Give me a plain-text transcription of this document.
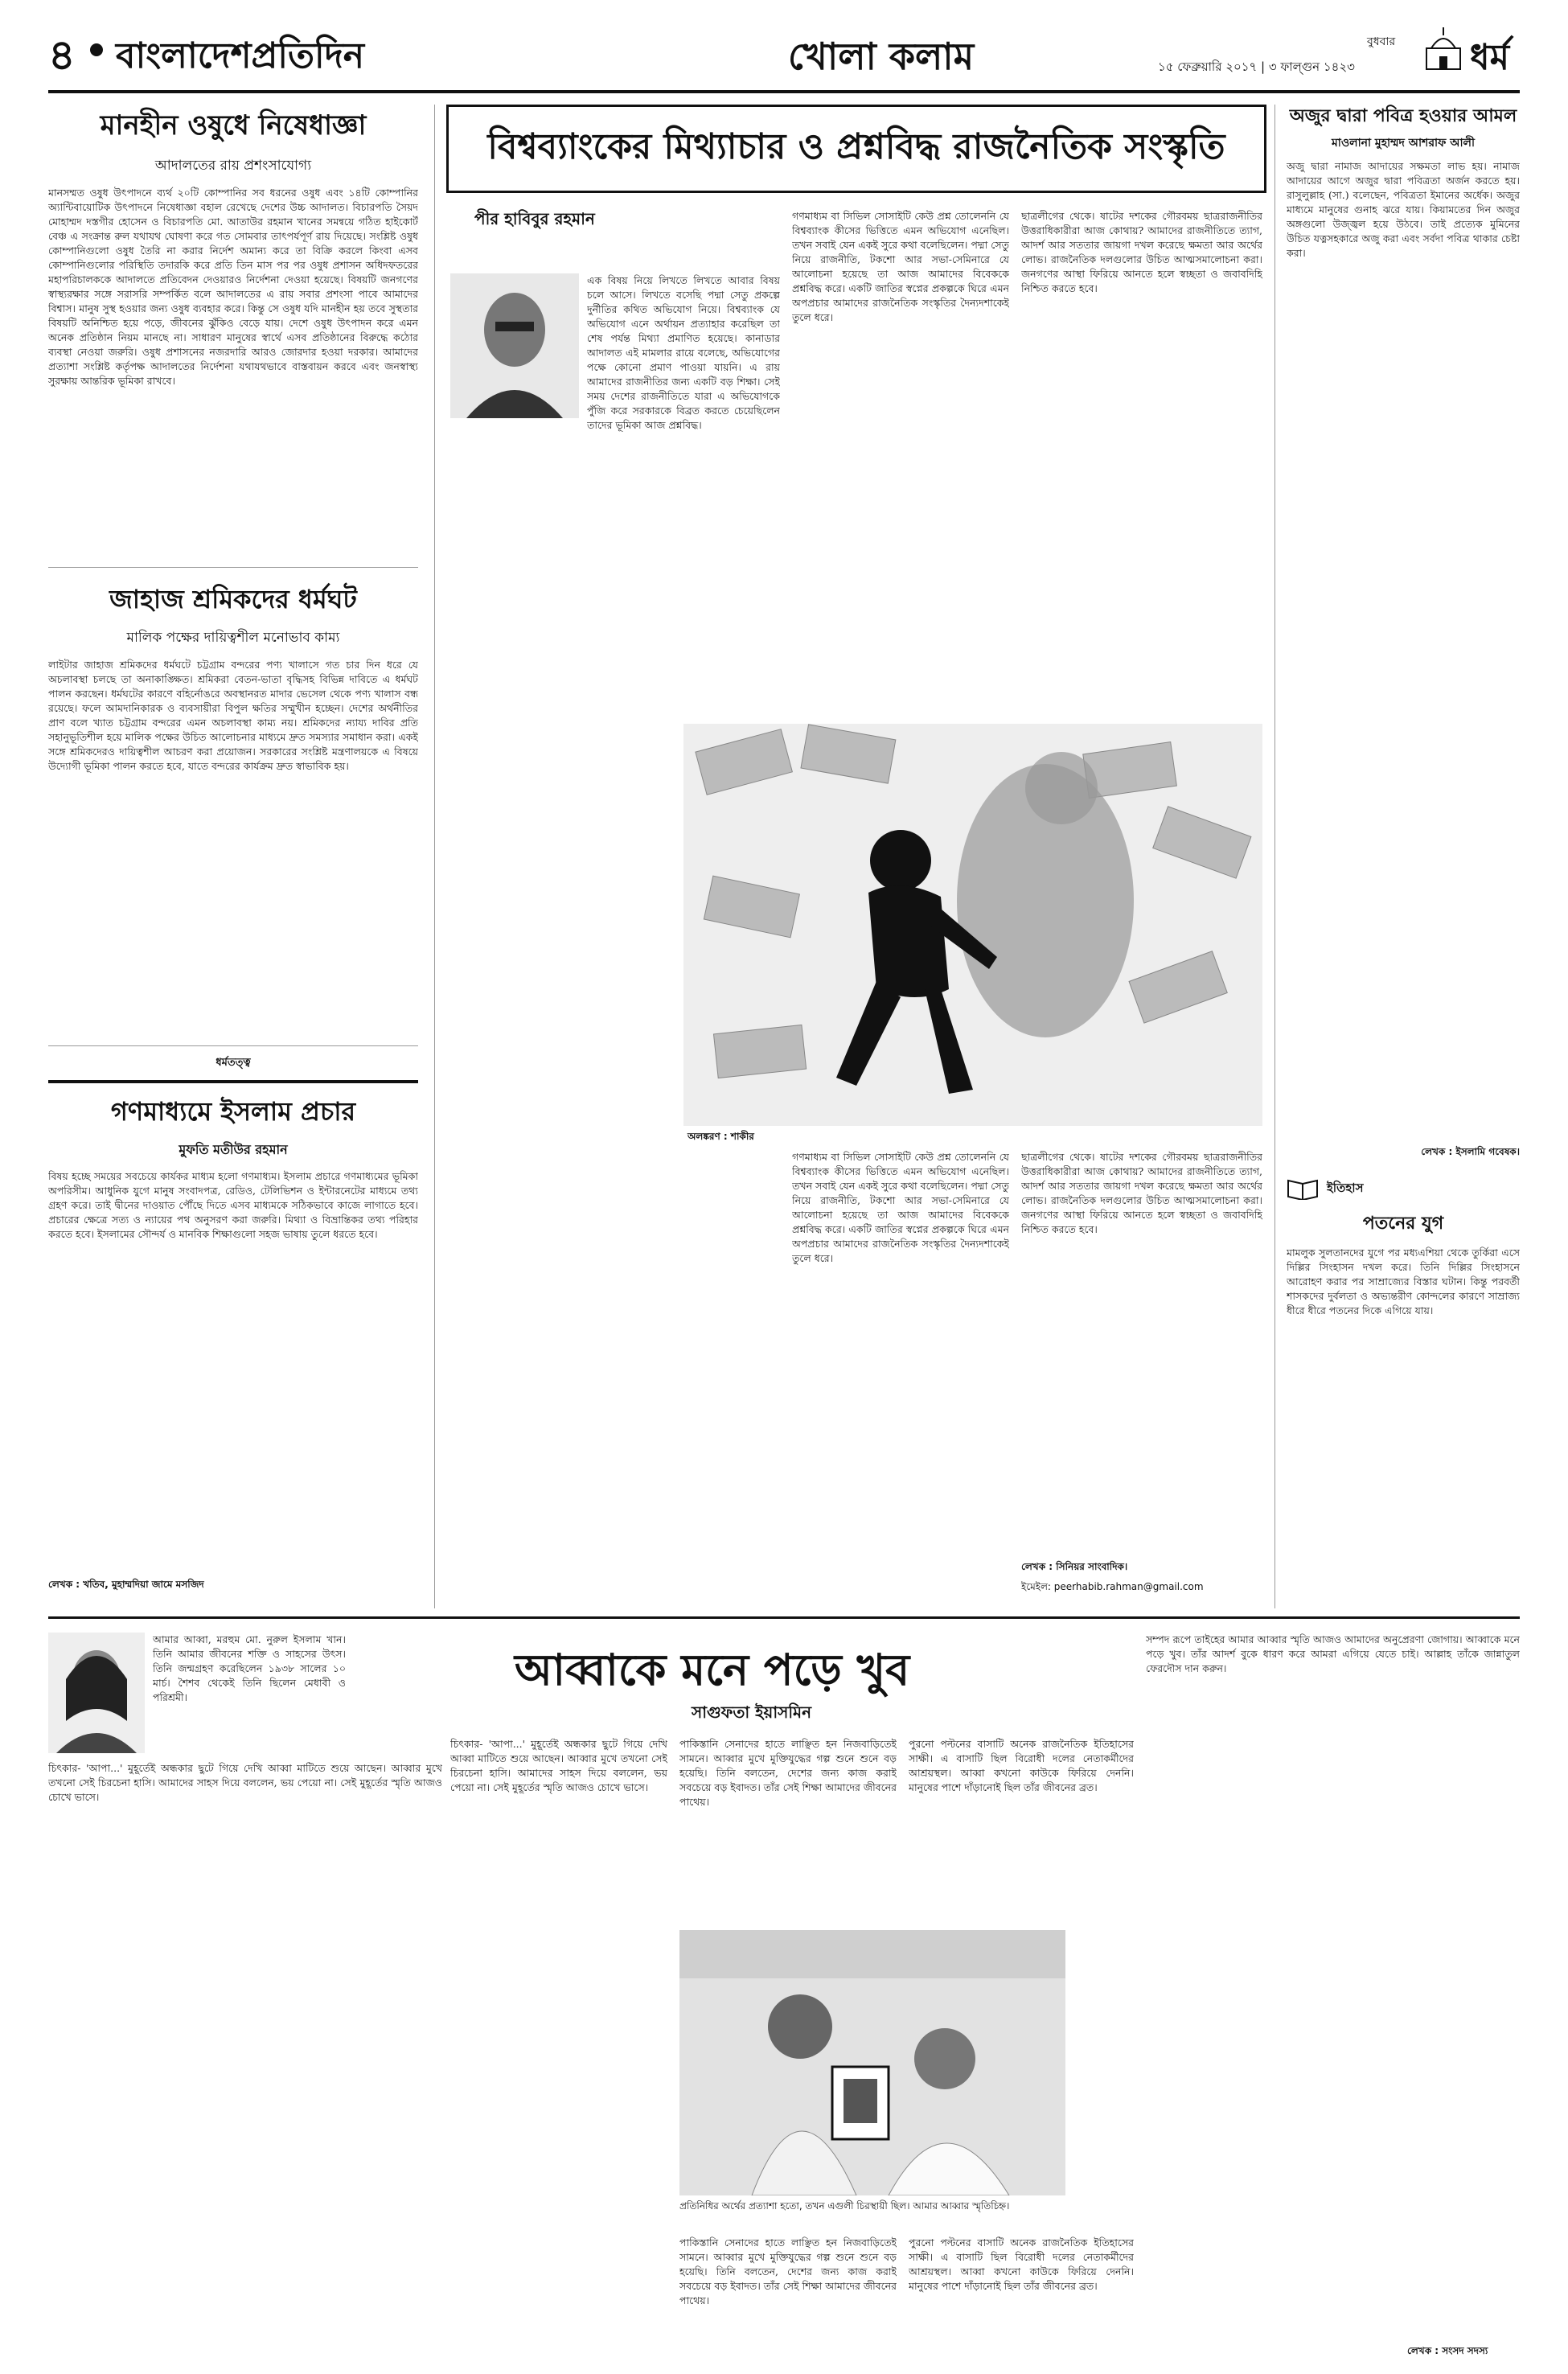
৪ বাংলাদেশপ্রতিদিন	খোলা কলাম	বুধবার
১৫ ফেব্রুয়ারি ২০১৭ | ৩ ফাল্গুন ১৪২৩	ধর্ম
মানহীন ওষুধে নিষেধাজ্ঞা
আদালতের রায় প্রশংসাযোগ্য
মানসম্মত ওষুধ উৎপাদনে ব্যর্থ ২০টি কোম্পানির সব ধরনের ওষুধ এবং ১৪টি কোম্পানির অ্যান্টিবায়োটিক উৎপাদনে নিষেধাজ্ঞা বহাল রেখেছে দেশের উচ্চ আদালত। বিচারপতি সৈয়দ মোহাম্মদ দস্তগীর হোসেন ও বিচারপতি মো. আতাউর রহমান খানের সমন্বয়ে গঠিত হাইকোর্ট বেঞ্চ এ সংক্রান্ত রুল যথাযথ ঘোষণা করে গত সোমবার তাৎপর্যপূর্ণ রায় দিয়েছে। সংশ্লিষ্ট ওষুধ কোম্পানিগুলো ওষুধ তৈরি না করার নির্দেশ অমান্য করে তা বিক্রি করলে কিংবা এসব কোম্পানিগুলোর পরিস্থিতি তদারকি করে প্রতি তিন মাস পর পর ওষুধ প্রশাসন অধিদফতরের মহাপরিচালককে আদালতে প্রতিবেদন দেওয়ারও নির্দেশনা দেওয়া হয়েছে। বিষয়টি জনগণের স্বাস্থ্যরক্ষার সঙ্গে সরাসরি সম্পর্কিত বলে আদালতের এ রায় সবার প্রশংসা পাবে আমাদের বিশ্বাস। মানুষ সুস্থ হওয়ার জন্য ওষুধ ব্যবহার করে। কিন্তু সে ওষুধ যদি মানহীন হয় তবে সুস্থতার বিষয়টি অনিশ্চিত হয়ে পড়ে, জীবনের ঝুঁকিও বেড়ে যায়। দেশে ওষুধ উৎপাদন করে এমন অনেক প্রতিষ্ঠান নিয়ম মানছে না। সাধারণ মানুষের স্বার্থে এসব প্রতিষ্ঠানের বিরুদ্ধে কঠোর ব্যবস্থা নেওয়া জরুরি। ওষুধ প্রশাসনের নজরদারি আরও জোরদার হওয়া দরকার। আমাদের প্রত্যাশা সংশ্লিষ্ট কর্তৃপক্ষ আদালতের নির্দেশনা যথাযথভাবে বাস্তবায়ন করবে এবং জনস্বাস্থ্য সুরক্ষায় আন্তরিক ভূমিকা রাখবে।
জাহাজ শ্রমিকদের ধর্মঘট
মালিক পক্ষের দায়িত্বশীল মনোভাব কাম্য
লাইটার জাহাজ শ্রমিকদের ধর্মঘটে চট্টগ্রাম বন্দরের পণ্য খালাসে গত চার দিন ধরে যে অচলাবস্থা চলছে তা অনাকাঙ্ক্ষিত। শ্রমিকরা বেতন-ভাতা বৃদ্ধিসহ বিভিন্ন দাবিতে এ ধর্মঘট পালন করছেন। ধর্মঘটের কারণে বহির্নোঙরে অবস্থানরত মাদার ভেসেল থেকে পণ্য খালাস বন্ধ রয়েছে। ফলে আমদানিকারক ও ব্যবসায়ীরা বিপুল ক্ষতির সম্মুখীন হচ্ছেন। দেশের অর্থনীতির প্রাণ বলে খ্যাত চট্টগ্রাম বন্দরের এমন অচলাবস্থা কাম্য নয়। শ্রমিকদের ন্যায্য দাবির প্রতি সহানুভূতিশীল হয়ে মালিক পক্ষের উচিত আলোচনার মাধ্যমে দ্রুত সমস্যার সমাধান করা। একই সঙ্গে শ্রমিকদেরও দায়িত্বশীল আচরণ করা প্রয়োজন। সরকারের সংশ্লিষ্ট মন্ত্রণালয়কে এ বিষয়ে উদ্যোগী ভূমিকা পালন করতে হবে, যাতে বন্দরের কার্যক্রম দ্রুত স্বাভাবিক হয়।
ধর্মতত্ত্ব
গণমাধ্যমে ইসলাম প্রচার
মুফতি মতীউর রহমান
বিষয় হচ্ছে সময়ের সবচেয়ে কার্যকর মাধ্যম হলো গণমাধ্যম। ইসলাম প্রচারে গণমাধ্যমের ভূমিকা অপরিসীম। আধুনিক যুগে মানুষ সংবাদপত্র, রেডিও, টেলিভিশন ও ইন্টারনেটের মাধ্যমে তথ্য গ্রহণ করে। তাই দ্বীনের দাওয়াত পৌঁছে দিতে এসব মাধ্যমকে সঠিকভাবে কাজে লাগাতে হবে। প্রচারের ক্ষেত্রে সত্য ও ন্যায়ের পথ অনুসরণ করা জরুরি। মিথ্যা ও বিভ্রান্তিকর তথ্য পরিহার করতে হবে। ইসলামের সৌন্দর্য ও মানবিক শিক্ষাগুলো সহজ ভাষায় তুলে ধরতে হবে।
লেখক : খতিব, মুহাম্মদিয়া জামে মসজিদ
বিশ্বব্যাংকের মিথ্যাচার ও প্রশ্নবিদ্ধ রাজনৈতিক সংস্কৃতি
পীর হাবিবুর রহমান
এক বিষয় নিয়ে লিখতে লিখতে আবার বিষয় চলে আসে। লিখতে বসেছি পদ্মা সেতু প্রকল্পে দুর্নীতির কথিত অভিযোগ নিয়ে। বিশ্বব্যাংক যে অভিযোগ এনে অর্থায়ন প্রত্যাহার করেছিল তা শেষ পর্যন্ত মিথ্যা প্রমাণিত হয়েছে। কানাডার আদালত এই মামলার রায়ে বলেছে, অভিযোগের পক্ষে কোনো প্রমাণ পাওয়া যায়নি। এ রায় আমাদের রাজনীতির জন্য একটি বড় শিক্ষা। সেই সময় দেশের রাজনীতিতে যারা এ অভিযোগকে পুঁজি করে সরকারকে বিব্রত করতে চেয়েছিলেন তাদের ভূমিকা আজ প্রশ্নবিদ্ধ।
গণমাধ্যম বা সিভিল সোসাইটি কেউ প্রশ্ন তোলেননি যে বিশ্বব্যাংক কীসের ভিত্তিতে এমন অভিযোগ এনেছিল। তখন সবাই যেন একই সুরে কথা বলেছিলেন। পদ্মা সেতু নিয়ে রাজনীতি, টকশো আর সভা-সেমিনারে যে আলোচনা হয়েছে তা আজ আমাদের বিবেককে প্রশ্নবিদ্ধ করে। একটি জাতির স্বপ্নের প্রকল্পকে ঘিরে এমন অপপ্রচার আমাদের রাজনৈতিক সংস্কৃতির দৈন্যদশাকেই তুলে ধরে।
ছাত্রলীগের থেকে। ষাটের দশকের গৌরবময় ছাত্ররাজনীতির উত্তরাধিকারীরা আজ কোথায়? আমাদের রাজনীতিতে ত্যাগ, আদর্শ আর সততার জায়গা দখল করেছে ক্ষমতা আর অর্থের লোভ। রাজনৈতিক দলগুলোর উচিত আত্মসমালোচনা করা। জনগণের আস্থা ফিরিয়ে আনতে হলে স্বচ্ছতা ও জবাবদিহি নিশ্চিত করতে হবে।
অলঙ্করণ : শাকীর
গণমাধ্যম বা সিভিল সোসাইটি কেউ প্রশ্ন তোলেননি যে বিশ্বব্যাংক কীসের ভিত্তিতে এমন অভিযোগ এনেছিল। তখন সবাই যেন একই সুরে কথা বলেছিলেন। পদ্মা সেতু নিয়ে রাজনীতি, টকশো আর সভা-সেমিনারে যে আলোচনা হয়েছে তা আজ আমাদের বিবেককে প্রশ্নবিদ্ধ করে। একটি জাতির স্বপ্নের প্রকল্পকে ঘিরে এমন অপপ্রচার আমাদের রাজনৈতিক সংস্কৃতির দৈন্যদশাকেই তুলে ধরে।
ছাত্রলীগের থেকে। ষাটের দশকের গৌরবময় ছাত্ররাজনীতির উত্তরাধিকারীরা আজ কোথায়? আমাদের রাজনীতিতে ত্যাগ, আদর্শ আর সততার জায়গা দখল করেছে ক্ষমতা আর অর্থের লোভ। রাজনৈতিক দলগুলোর উচিত আত্মসমালোচনা করা। জনগণের আস্থা ফিরিয়ে আনতে হলে স্বচ্ছতা ও জবাবদিহি নিশ্চিত করতে হবে।
লেখক : সিনিয়র সাংবাদিক।
ইমেইল: peerhabib.rahman@gmail.com
অজুর দ্বারা পবিত্র হওয়ার আমল
মাওলানা মুহাম্মদ আশরাফ আলী
অজু দ্বারা নামাজ আদায়ের সক্ষমতা লাভ হয়। নামাজ আদায়ের আগে অজুর দ্বারা পবিত্রতা অর্জন করতে হয়। রাসুলুল্লাহ (সা.) বলেছেন, পবিত্রতা ইমানের অর্ধেক। অজুর মাধ্যমে মানুষের গুনাহ ঝরে যায়। কিয়ামতের দিন অজুর অঙ্গগুলো উজ্জ্বল হয়ে উঠবে। তাই প্রত্যেক মুমিনের উচিত যত্নসহকারে অজু করা এবং সর্বদা পবিত্র থাকার চেষ্টা করা।
লেখক : ইসলামি গবেষক।
ইতিহাস
পতনের যুগ
মামলুক সুলতানদের যুগে পর মধ্যএশিয়া থেকে তুর্কিরা এসে দিল্লির সিংহাসন দখল করে। তিনি দিল্লির সিংহাসনে আরোহণ করার পর সাম্রাজ্যের বিস্তার ঘটান। কিন্তু পরবর্তী শাসকদের দুর্বলতা ও অভ্যন্তরীণ কোন্দলের কারণে সাম্রাজ্য ধীরে ধীরে পতনের দিকে এগিয়ে যায়।
আমার আব্বা, মরহুম মো. নুরুল ইসলাম খান। তিনি আমার জীবনের শক্তি ও সাহসের উৎস। তিনি জন্মগ্রহণ করেছিলেন ১৯৩৮ সালের ১০ মার্চ। শৈশব থেকেই তিনি ছিলেন মেধাবী ও পরিশ্রমী।
আব্বাকে মনে পড়ে খুব
সাগুফতা ইয়াসমিন
চিৎকার- 'আপা...' মুহূর্তেই অন্ধকার ছুটে গিয়ে দেখি আব্বা মাটিতে শুয়ে আছেন। আব্বার মুখে তখনো সেই চিরচেনা হাসি। আমাদের সাহস দিয়ে বললেন, ভয় পেয়ো না। সেই মুহূর্তের স্মৃতি আজও চোখে ভাসে।
চিৎকার- 'আপা...' মুহূর্তেই অন্ধকার ছুটে গিয়ে দেখি আব্বা মাটিতে শুয়ে আছেন। আব্বার মুখে তখনো সেই চিরচেনা হাসি। আমাদের সাহস দিয়ে বললেন, ভয় পেয়ো না। সেই মুহূর্তের স্মৃতি আজও চোখে ভাসে।
পাকিস্তানি সেনাদের হাতে লাঞ্ছিত হন নিজবাড়িতেই সামনে। আব্বার মুখে মুক্তিযুদ্ধের গল্প শুনে শুনে বড় হয়েছি। তিনি বলতেন, দেশের জন্য কাজ করাই সবচেয়ে বড় ইবাদত। তাঁর সেই শিক্ষা আমাদের জীবনের পাথেয়।
প্রতিনিধির অর্থের প্রত্যাশা হতো, তখন এগুলী চিরস্থায়ী ছিল। আমার আব্বার স্মৃতিচিহ্ন।
পাকিস্তানি সেনাদের হাতে লাঞ্ছিত হন নিজবাড়িতেই সামনে। আব্বার মুখে মুক্তিযুদ্ধের গল্প শুনে শুনে বড় হয়েছি। তিনি বলতেন, দেশের জন্য কাজ করাই সবচেয়ে বড় ইবাদত। তাঁর সেই শিক্ষা আমাদের জীবনের পাথেয়।
পুরনো পল্টনের বাসাটি অনেক রাজনৈতিক ইতিহাসের সাক্ষী। এ বাসাটি ছিল বিরোধী দলের নেতাকর্মীদের আশ্রয়স্থল। আব্বা কখনো কাউকে ফিরিয়ে দেননি। মানুষের পাশে দাঁড়ানোই ছিল তাঁর জীবনের ব্রত।
পুরনো পল্টনের বাসাটি অনেক রাজনৈতিক ইতিহাসের সাক্ষী। এ বাসাটি ছিল বিরোধী দলের নেতাকর্মীদের আশ্রয়স্থল। আব্বা কখনো কাউকে ফিরিয়ে দেননি। মানুষের পাশে দাঁড়ানোই ছিল তাঁর জীবনের ব্রত।
সম্পদ রূপে তাইহের আমার আব্বার স্মৃতি আজও আমাদের অনুপ্রেরণা জোগায়। আব্বাকে মনে পড়ে খুব। তাঁর আদর্শ বুকে ধারণ করে আমরা এগিয়ে যেতে চাই। আল্লাহ তাঁকে জান্নাতুল ফেরদৌস দান করুন।
লেখক : সংসদ সদস্য
